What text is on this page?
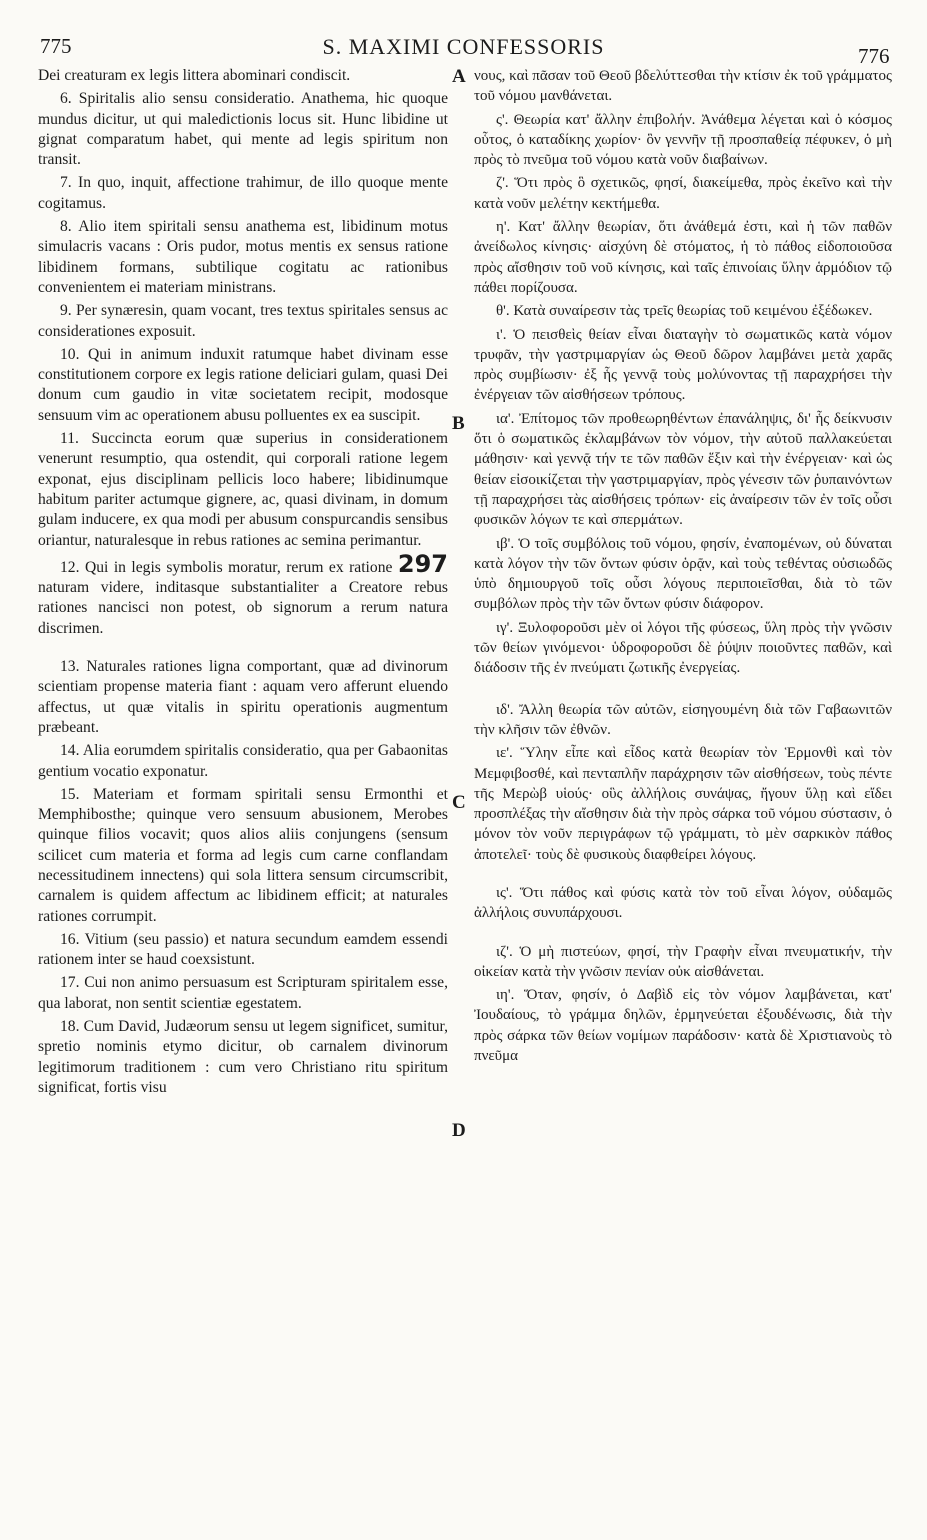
775	S. MAXIMI CONFESSORIS	776
A
B
C
D

Dei creaturam ex legis littera abominari condiscit.

6. Spiritalis alio sensu consideratio. Anathema, hic quoque mundus dicitur, ut qui maledictionis locus sit. Hunc libidine ut gignat comparatum habet, qui mente ad legis spiritum non transit.

7. In quo, inquit, affectione trahimur, de illo quoque mente cogitamus.

8. Alio item spiritali sensu anathema est, libidinum motus simulacris vacans : Oris pudor, motus mentis ex sensus ratione libidinem formans, subtilique cogitatu ac rationibus convenientem ei materiam ministrans.

9. Per synæresin, quam vocant, tres textus spiritales sensus ac considerationes exposuit.

10. Qui in animum induxit ratumque habet divinam esse constitutionem corpore ex legis ratione deliciari gulam, quasi Dei donum cum gaudio in vitæ societatem recipit, modosque sensuum vim ac operationem abusu polluentes ex ea suscipit.

11. Succincta eorum quæ superius in considerationem venerunt resumptio, qua ostendit, qui corporali ratione legem exponat, ejus disciplinam pellicis loco habere; libidinumque habitum pariter actumque gignere, ac, quasi divinam, in domum gulam inducere, ex qua modi per abusum conspurcandis sensibus oriantur, naturalesque in rebus rationes ac semina perimantur.

12. Qui in legis symbolis moratur, rerum ex ratione 297 naturam videre, inditasque substantialiter a Creatore rebus rationes nancisci non potest, ob signorum a rerum natura discrimen.

13. Naturales rationes ligna comportant, quæ ad divinorum scientiam propense materia fiant : aquam vero afferunt eluendo affectus, ut quæ vitalis in spiritu operationis augmentum præbeant.

14. Alia eorumdem spiritalis consideratio, qua per Gabaonitas gentium vocatio exponatur.

15. Materiam et formam spiritali sensu Ermonthi et Memphibosthe; quinque vero sensuum abusionem, Merobes quinque filios vocavit; quos alios aliis conjungens (sensum scilicet cum materia et forma ad legis cum carne conflandam necessitudinem innectens) qui sola littera sensum circumscribit, carnalem is quidem affectum ac libidinem efficit; at naturales rationes corrumpit.

16. Vitium (seu passio) et natura secundum eamdem essendi rationem inter se haud coexsistunt.

17. Cui non animo persuasum est Scripturam spiritalem esse, qua laborat, non sentit scientiæ egestatem.

18. Cum David, Judæorum sensu ut legem significet, sumitur, spretio nominis etymo dicitur, ob carnalem divinorum legitimorum traditionem : cum vero Christiano ritu spiritum significat, fortis visu

νους, καὶ πᾶσαν τοῦ Θεοῦ βδελύττεσθαι τὴν κτίσιν ἐκ τοῦ γράμματος τοῦ νόμου μανθάνεται.

ς'. Θεωρία κατ' ἄλλην ἐπιβολήν. Ἀνάθεμα λέγεται καὶ ὁ κόσμος οὗτος, ὁ καταδίκης χωρίον· ὃν γεννῆν τῇ προσπαθείᾳ πέφυκεν, ὁ μὴ πρὸς τὸ πνεῦμα τοῦ νόμου κατὰ νοῦν διαβαίνων.

ζ'. Ὅτι πρὸς ὃ σχετικῶς, φησί, διακείμεθα, πρὸς ἐκεῖνο καὶ τὴν κατὰ νοῦν μελέτην κεκτήμεθα.

η'. Κατ' ἄλλην θεωρίαν, ὅτι ἀνάθεμά ἐστι, καὶ ἡ τῶν παθῶν ἀνείδωλος κίνησις· αἰσχύνη δὲ στόματος, ἡ τὸ πάθος εἰδοποιοῦσα πρὸς αἴσθησιν τοῦ νοῦ κίνησις, καὶ ταῖς ἐπινοίαις ὕλην ἁρμόδιον τῷ πάθει πορίζουσα.

θ'. Κατὰ συναίρεσιν τὰς τρεῖς θεωρίας τοῦ κειμένου ἐξέδωκεν.

ι'. Ὁ πεισθεὶς θείαν εἶναι διαταγὴν τὸ σωματικῶς κατὰ νόμον τρυφᾶν, τὴν γαστριμαργίαν ὡς Θεοῦ δῶρον λαμβάνει μετὰ χαρᾶς πρὸς συμβίωσιν· ἐξ ἧς γεννᾷ τοὺς μολύνοντας τῇ παραχρήσει τὴν ἐνέργειαν τῶν αἰσθήσεων τρόπους.

ια'. Ἐπίτομος τῶν προθεωρηθέντων ἐπανάληψις, δι' ἧς δείκνυσιν ὅτι ὁ σωματικῶς ἐκλαμβάνων τὸν νόμον, τὴν αὐτοῦ παλλακεύεται μάθησιν· καὶ γεννᾷ τήν τε τῶν παθῶν ἕξιν καὶ τὴν ἐνέργειαν· καὶ ὡς θείαν εἰσοικίζεται τὴν γαστριμαργίαν, πρὸς γένεσιν τῶν ῥυπαινόντων τῇ παραχρήσει τὰς αἰσθήσεις τρόπων· εἰς ἀναίρεσιν τῶν ἐν τοῖς οὖσι φυσικῶν λόγων τε καὶ σπερμάτων.

ιβ'. Ὁ τοῖς συμβόλοις τοῦ νόμου, φησίν, ἐναπομένων, οὐ δύναται κατὰ λόγον τὴν τῶν ὄντων φύσιν ὁρᾷν, καὶ τοὺς τεθέντας οὐσιωδῶς ὑπὸ δημιουργοῦ τοῖς οὖσι λόγους περιποιεῖσθαι, διὰ τὸ τῶν συμβόλων πρὸς τὴν τῶν ὄντων φύσιν διάφορον.

ιγ'. Ξυλοφοροῦσι μὲν οἱ λόγοι τῆς φύσεως, ὕλη πρὸς τὴν γνῶσιν τῶν θείων γινόμενοι· ὑδροφοροῦσι δὲ ῥύψιν ποιοῦντες παθῶν, καὶ διάδοσιν τῆς ἐν πνεύματι ζωτικῆς ἐνεργείας.

ιδ'. Ἄλλη θεωρία τῶν αὐτῶν, εἰσηγουμένη διὰ τῶν Γαβαωνιτῶν τὴν κλῆσιν τῶν ἐθνῶν.

ιε'. Ὕλην εἶπε καὶ εἶδος κατὰ θεωρίαν τὸν Ἑρμονθὶ καὶ τὸν Μεμφιβοσθέ, καὶ πενταπλῆν παράχρησιν τῶν αἰσθήσεων, τοὺς πέντε τῆς Μερὼβ υἱούς· οὓς ἀλλήλοις συνάψας, ἤγουν ὕλῃ καὶ εἴδει προσπλέξας τὴν αἴσθησιν διὰ τὴν πρὸς σάρκα τοῦ νόμου σύστασιν, ὁ μόνον τὸν νοῦν περιγράφων τῷ γράμματι, τὸ μὲν σαρκικὸν πάθος ἀποτελεῖ· τοὺς δὲ φυσικοὺς διαφθείρει λόγους.

ις'. Ὅτι πάθος καὶ φύσις κατὰ τὸν τοῦ εἶναι λόγον, οὐδαμῶς ἀλλήλοις συνυπάρχουσι.

ιζ'. Ὁ μὴ πιστεύων, φησί, τὴν Γραφὴν εἶναι πνευματικήν, τὴν οἰκείαν κατὰ τὴν γνῶσιν πενίαν οὐκ αἰσθάνεται.

ιη'. Ὅταν, φησίν, ὁ Δαβὶδ εἰς τὸν νόμον λαμβάνεται, κατ' Ἰουδαίους, τὸ γράμμα δηλῶν, ἑρμηνεύεται ἐξουδένωσις, διὰ τὴν πρὸς σάρκα τῶν θείων νομίμων παράδοσιν· κατὰ δὲ Χριστιανοὺς τὸ πνεῦμα
